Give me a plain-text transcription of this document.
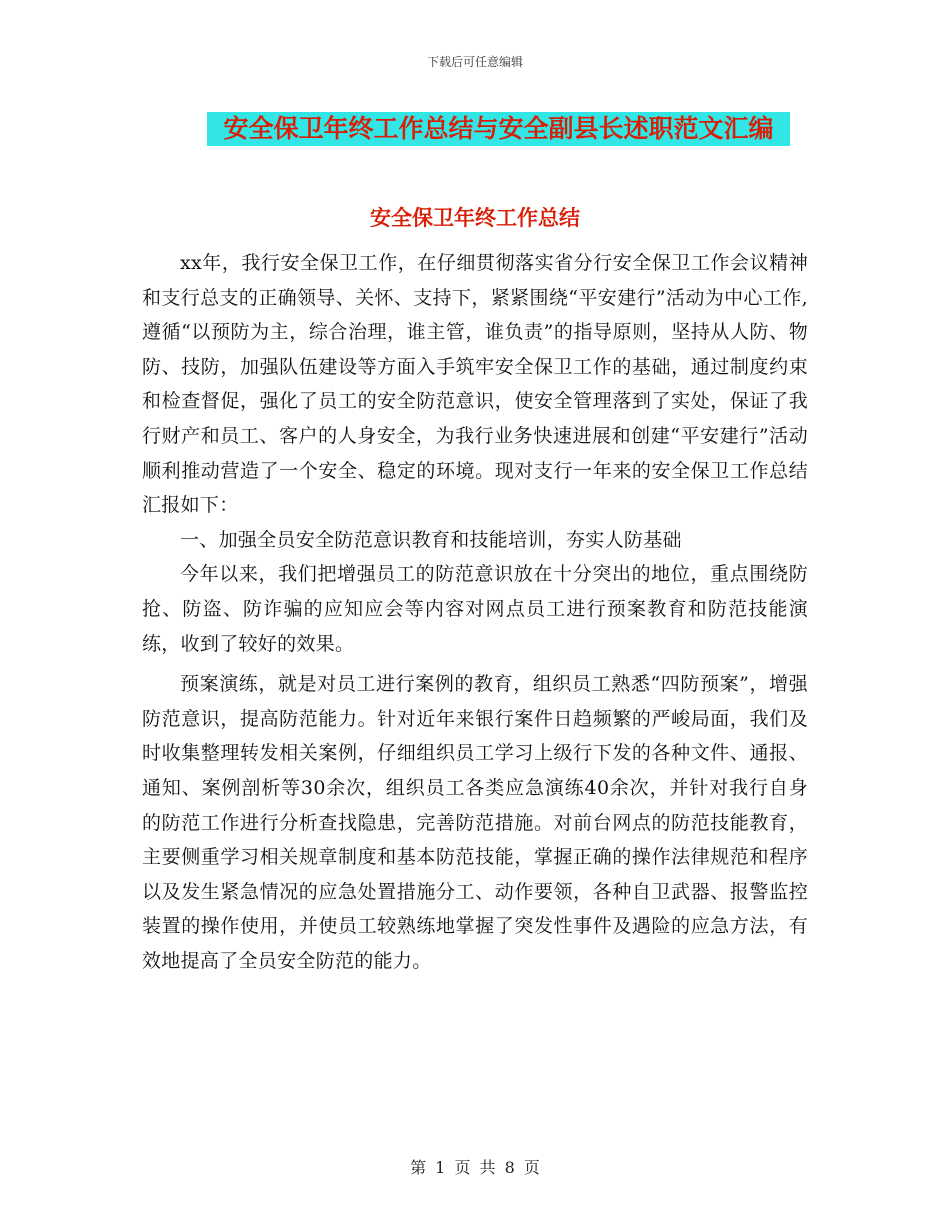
下载后可任意编辑
安全保卫年终工作总结与安全副县长述职范文汇编
安全保卫年终工作总结

xx年，我行安全保卫工作，在仔细贯彻落实省分行安全保卫工作会议精神和支行总支的正确领导、关怀、支持下，紧紧围绕“平安建行”活动为中心工作,遵循“以预防为主，综合治理，谁主管，谁负责”的指导原则，坚持从人防、物防、技防，加强队伍建设等方面入手筑牢安全保卫工作的基础，通过制度约束和检查督促，强化了员工的安全防范意识，使安全管理落到了实处，保证了我行财产和员工、客户的人身安全，为我行业务快速进展和创建“平安建行”活动顺利推动营造了一个安全、稳定的环境。现对支行一年来的安全保卫工作总结汇报如下：

一、加强全员安全防范意识教育和技能培训，夯实人防基础

今年以来，我们把增强员工的防范意识放在十分突出的地位，重点围绕防抢、防盗、防诈骗的应知应会等内容对网点员工进行预案教育和防范技能演练，收到了较好的效果。

预案演练，就是对员工进行案例的教育，组织员工熟悉“四防预案”，增强防范意识，提高防范能力。针对近年来银行案件日趋频繁的严峻局面，我们及时收集整理转发相关案例，仔细组织员工学习上级行下发的各种文件、通报、通知、案例剖析等30余次，组织员工各类应急演练40余次，并针对我行自身的防范工作进行分析查找隐患，完善防范措施。对前台网点的防范技能教育，主要侧重学习相关规章制度和基本防范技能，掌握正确的操作法律规范和程序以及发生紧急情况的应急处置措施分工、动作要领，各种自卫武器、报警监控装置的操作使用，并使员工较熟练地掌握了突发性事件及遇险的应急方法，有效地提高了全员安全防范的能力。

第 1 页 共 8 页
